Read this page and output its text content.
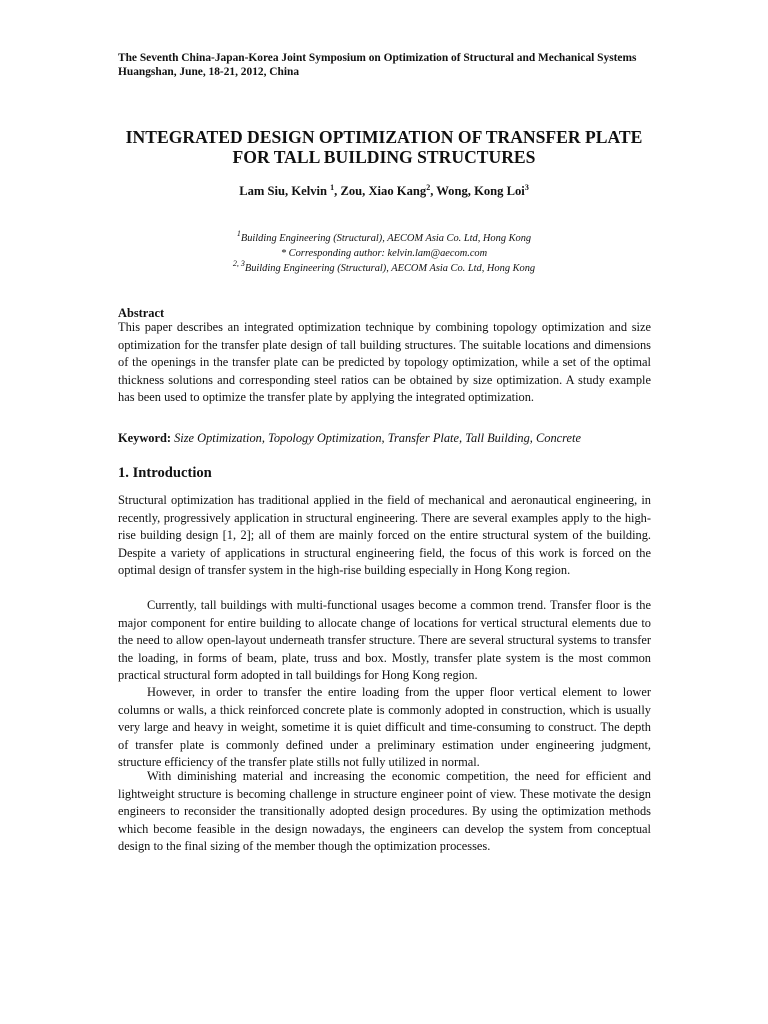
The Seventh China-Japan-Korea Joint Symposium on Optimization of Structural and Mechanical Systems
Huangshan, June, 18-21, 2012, China
INTEGRATED DESIGN OPTIMIZATION OF TRANSFER PLATE
FOR TALL BUILDING STRUCTURES
Lam Siu, Kelvin $^1$, Zou, Xiao Kang$^2$, Wong, Kong Loi$^3$
$^1$Building Engineering (Structural), AECOM Asia Co. Ltd, Hong Kong
* Corresponding author: kelvin.lam@aecom.com
$^{2, 3}$Building Engineering (Structural), AECOM Asia Co. Ltd, Hong Kong
Abstract
This paper describes an integrated optimization technique by combining topology optimization and size optimization for the transfer plate design of tall building structures. The suitable locations and dimensions of the openings in the transfer plate can be predicted by topology optimization, while a set of the optimal thickness solutions and corresponding steel ratios can be obtained by size optimization. A study example has been used to optimize the transfer plate by applying the integrated optimization.
Keyword: Size Optimization, Topology Optimization, Transfer Plate, Tall Building, Concrete
1. Introduction
Structural optimization has traditional applied in the field of mechanical and aeronautical engineering, in recently, progressively application in structural engineering. There are several examples apply to the high-rise building design [1, 2]; all of them are mainly forced on the entire structural system of the building. Despite a variety of applications in structural engineering field, the focus of this work is forced on the optimal design of transfer system in the high-rise building especially in Hong Kong region.
Currently, tall buildings with multi-functional usages become a common trend. Transfer floor is the major component for entire building to allocate change of locations for vertical structural elements due to the need to allow open-layout underneath transfer structure. There are several structural systems to transfer the loading, in forms of beam, plate, truss and box. Mostly, transfer plate system is the most common practical structural form adopted in tall buildings for Hong Kong region.
However, in order to transfer the entire loading from the upper floor vertical element to lower columns or walls, a thick reinforced concrete plate is commonly adopted in construction, which is usually very large and heavy in weight, sometime it is quiet difficult and time-consuming to construct. The depth of transfer plate is commonly defined under a preliminary estimation under engineering judgment, structure efficiency of the transfer plate stills not fully utilized in normal.
With diminishing material and increasing the economic competition, the need for efficient and lightweight structure is becoming challenge in structure engineer point of view. These motivate the design engineers to reconsider the transitionally adopted design procedures. By using the optimization methods which become feasible in the design nowadays, the engineers can develop the system from conceptual design to the final sizing of the member though the optimization processes.
